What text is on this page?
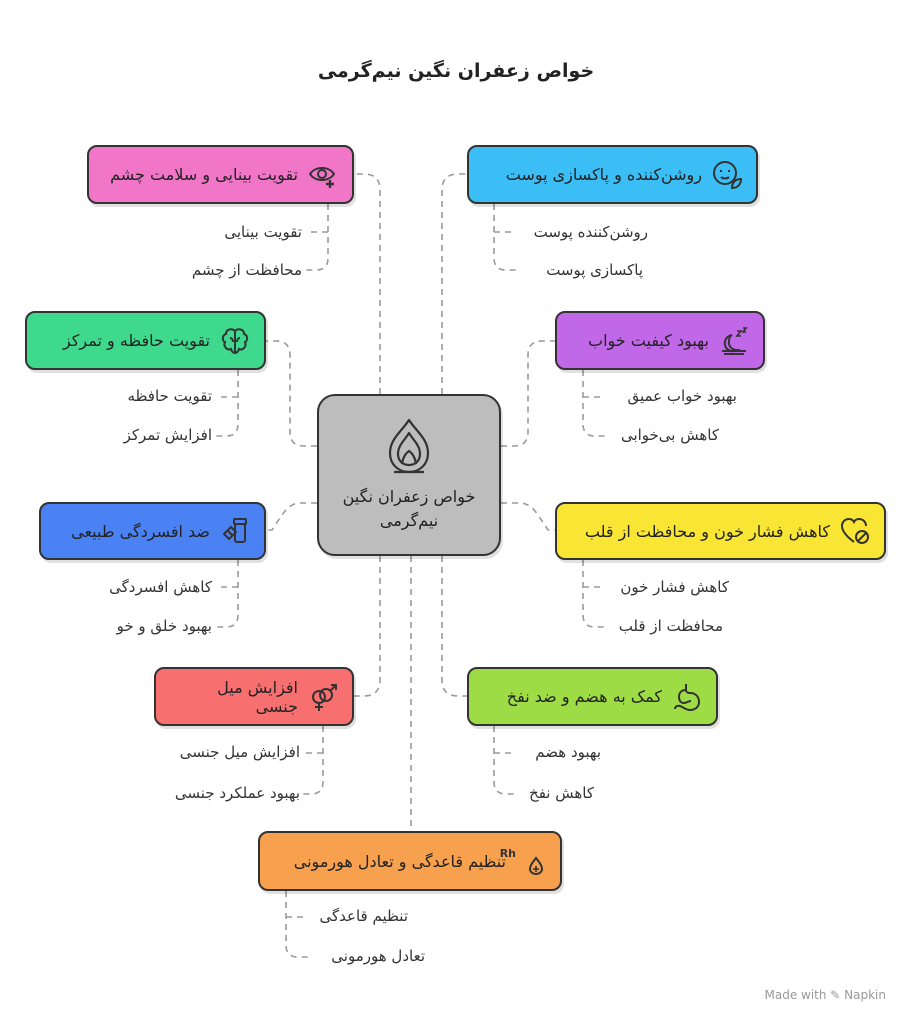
خواص زعفران نگین نیم‌گرمی
خواص زعفران نگین نیم‌گرمی
تقویت بینایی و سلامت چشم
تقویت بینایی
محافظت از چشم
روشن‌کننده و پاکسازی پوست
روشن‌کننده پوست
پاکسازی پوست
تقویت حافظه و تمرکز
تقویت حافظه
افزایش تمرکز
بهبود کیفیت خواب
بهبود خواب عمیق
کاهش بی‌خوابی
ضد افسردگی طبیعی
کاهش افسردگی
بهبود خلق و خو
کاهش فشار خون و محافظت از قلب
کاهش فشار خون
محافظت از قلب
افزایش میل جنسی
افزایش میل جنسی
بهبود عملکرد جنسی
کمک به هضم و ضد نفخ
بهبود هضم
کاهش نفخ
Rh
تنظیم قاعدگی و تعادل هورمونی
تنظیم قاعدگی
تعادل هورمونی
Made with ✎ Napkin
